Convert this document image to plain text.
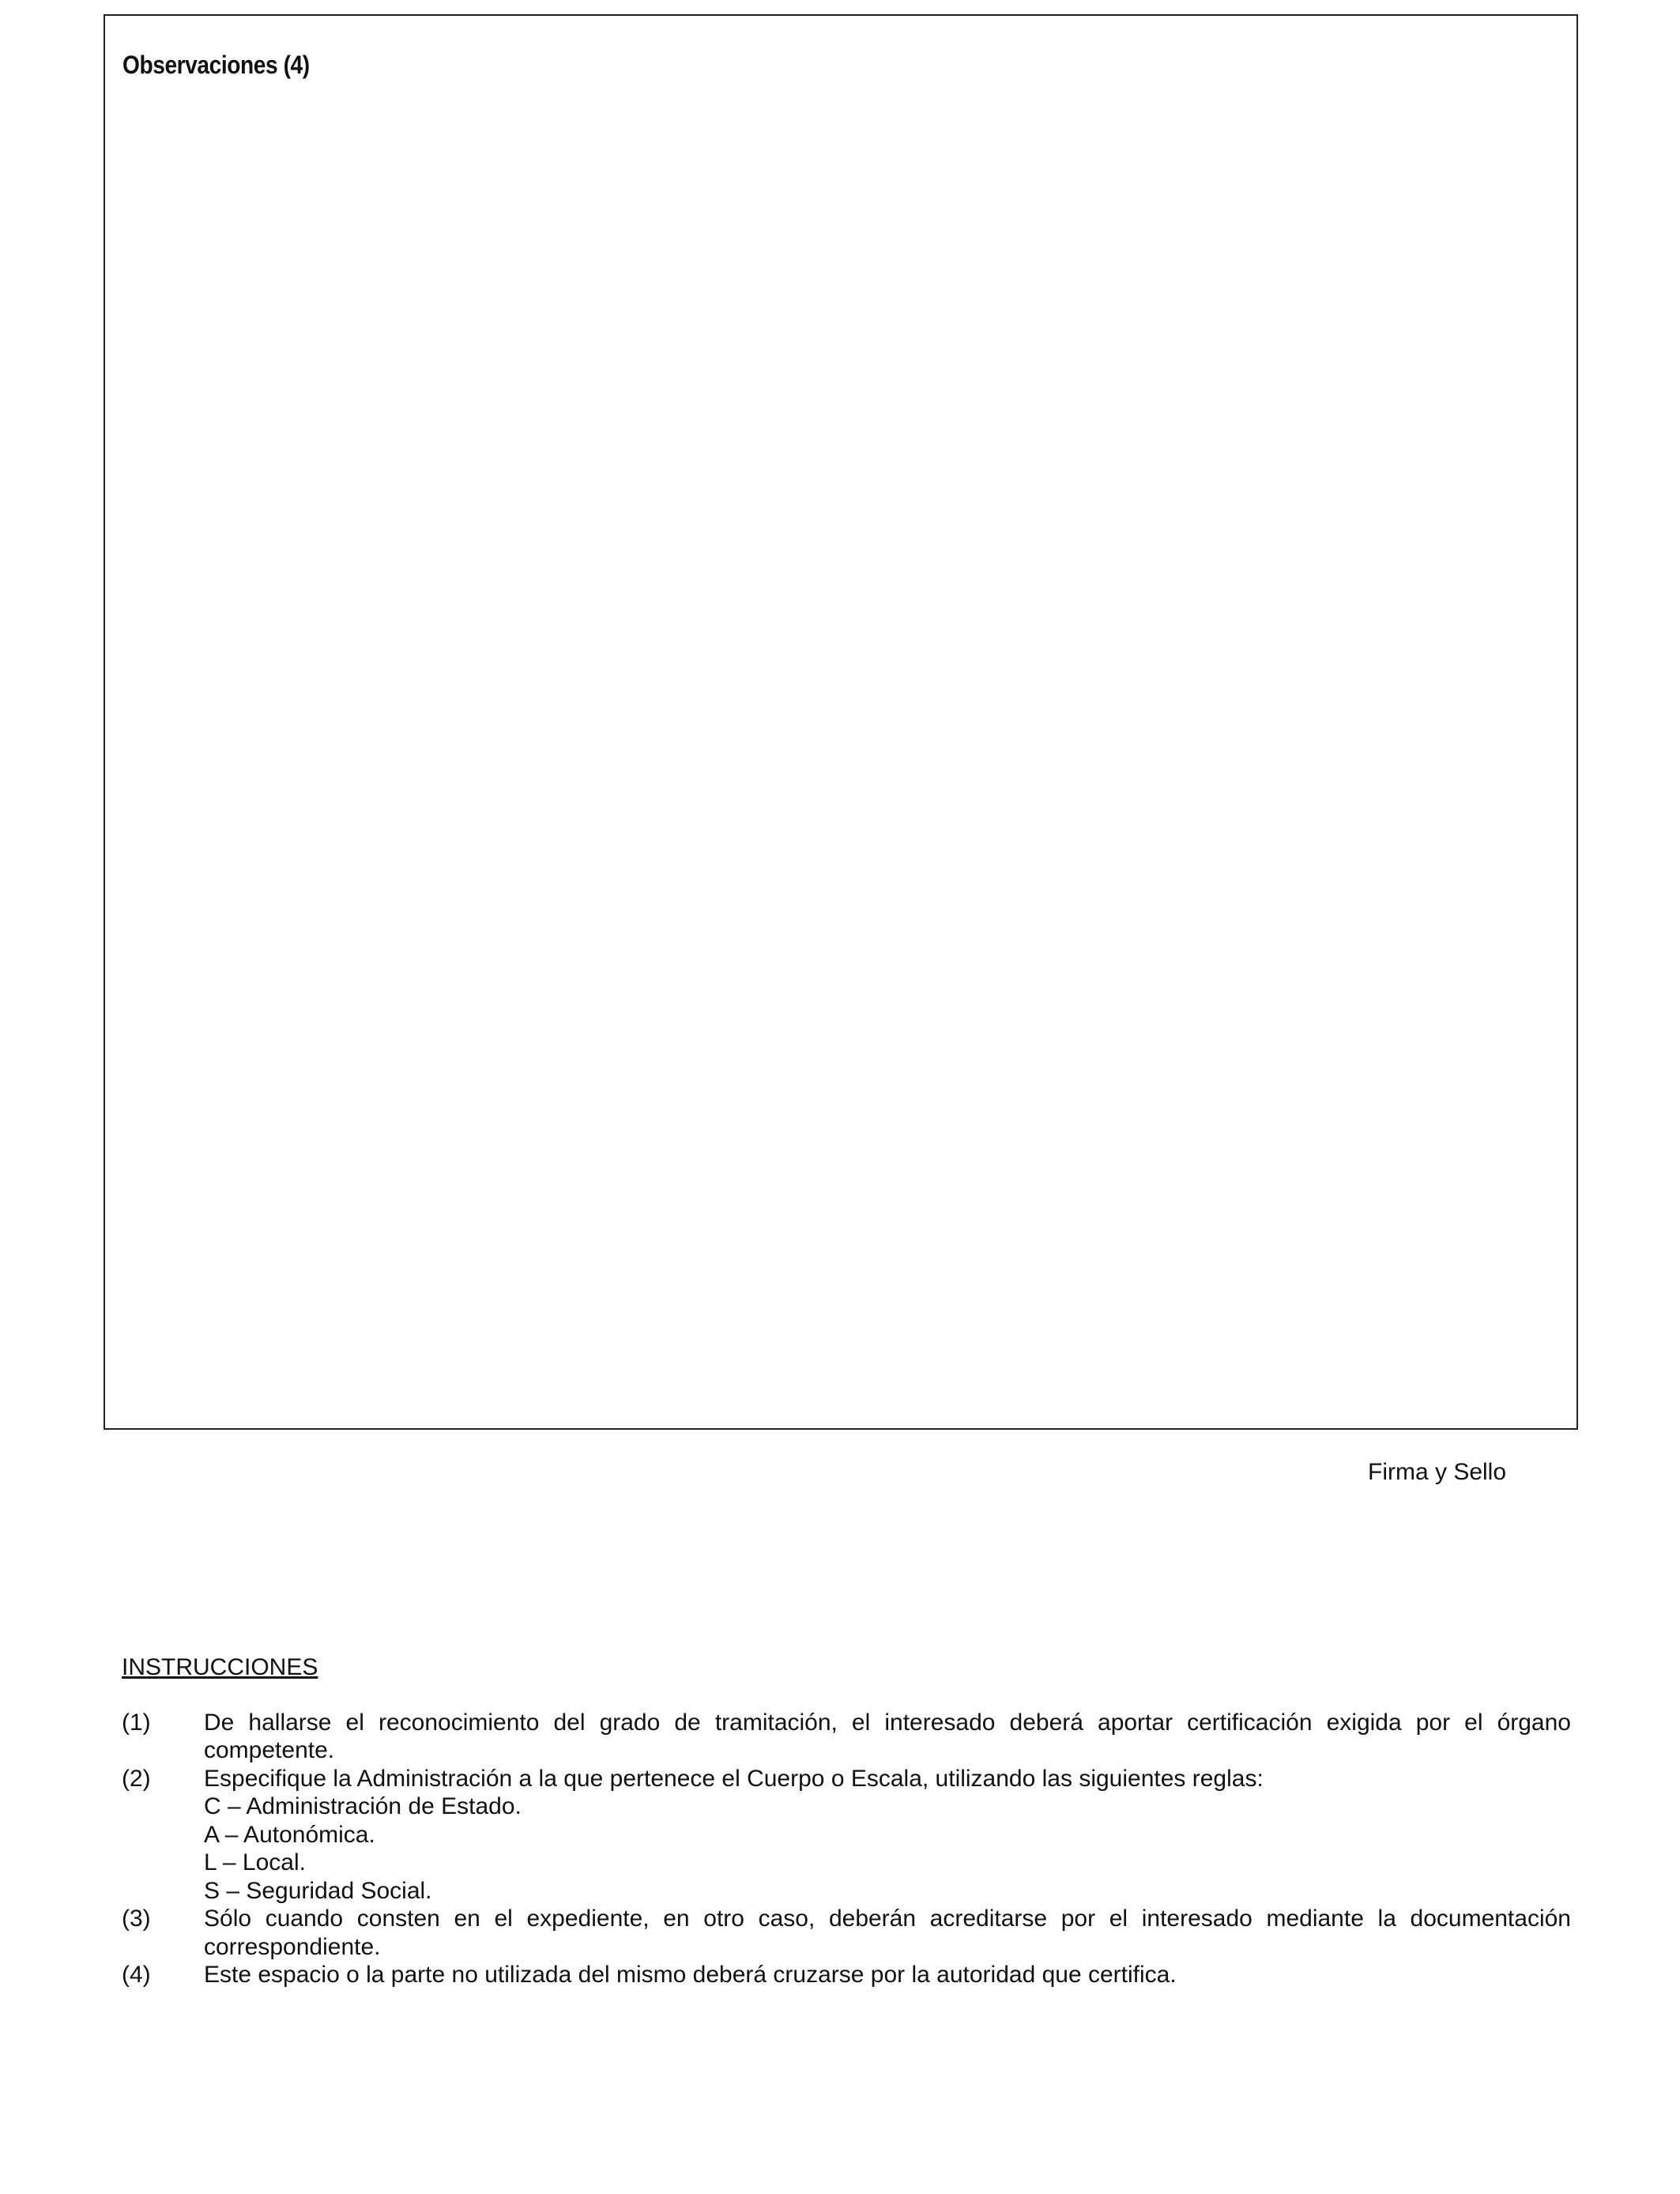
Observaciones (4)
Firma y Sello
INSTRUCCIONES
(1)	De hallarse el reconocimiento del grado de tramitación, el interesado deberá aportar certificación exigida por el órgano competente.
(2)	Especifique la Administración a la que pertenece el Cuerpo o Escala, utilizando las siguientes reglas:
C – Administración de Estado.
A – Autonómica.
L – Local.
S – Seguridad Social.
(3)	Sólo cuando consten en el expediente, en otro caso, deberán acreditarse por el interesado mediante la documentación correspondiente.
(4)	Este espacio o la parte no utilizada del mismo deberá cruzarse por la autoridad que certifica.
